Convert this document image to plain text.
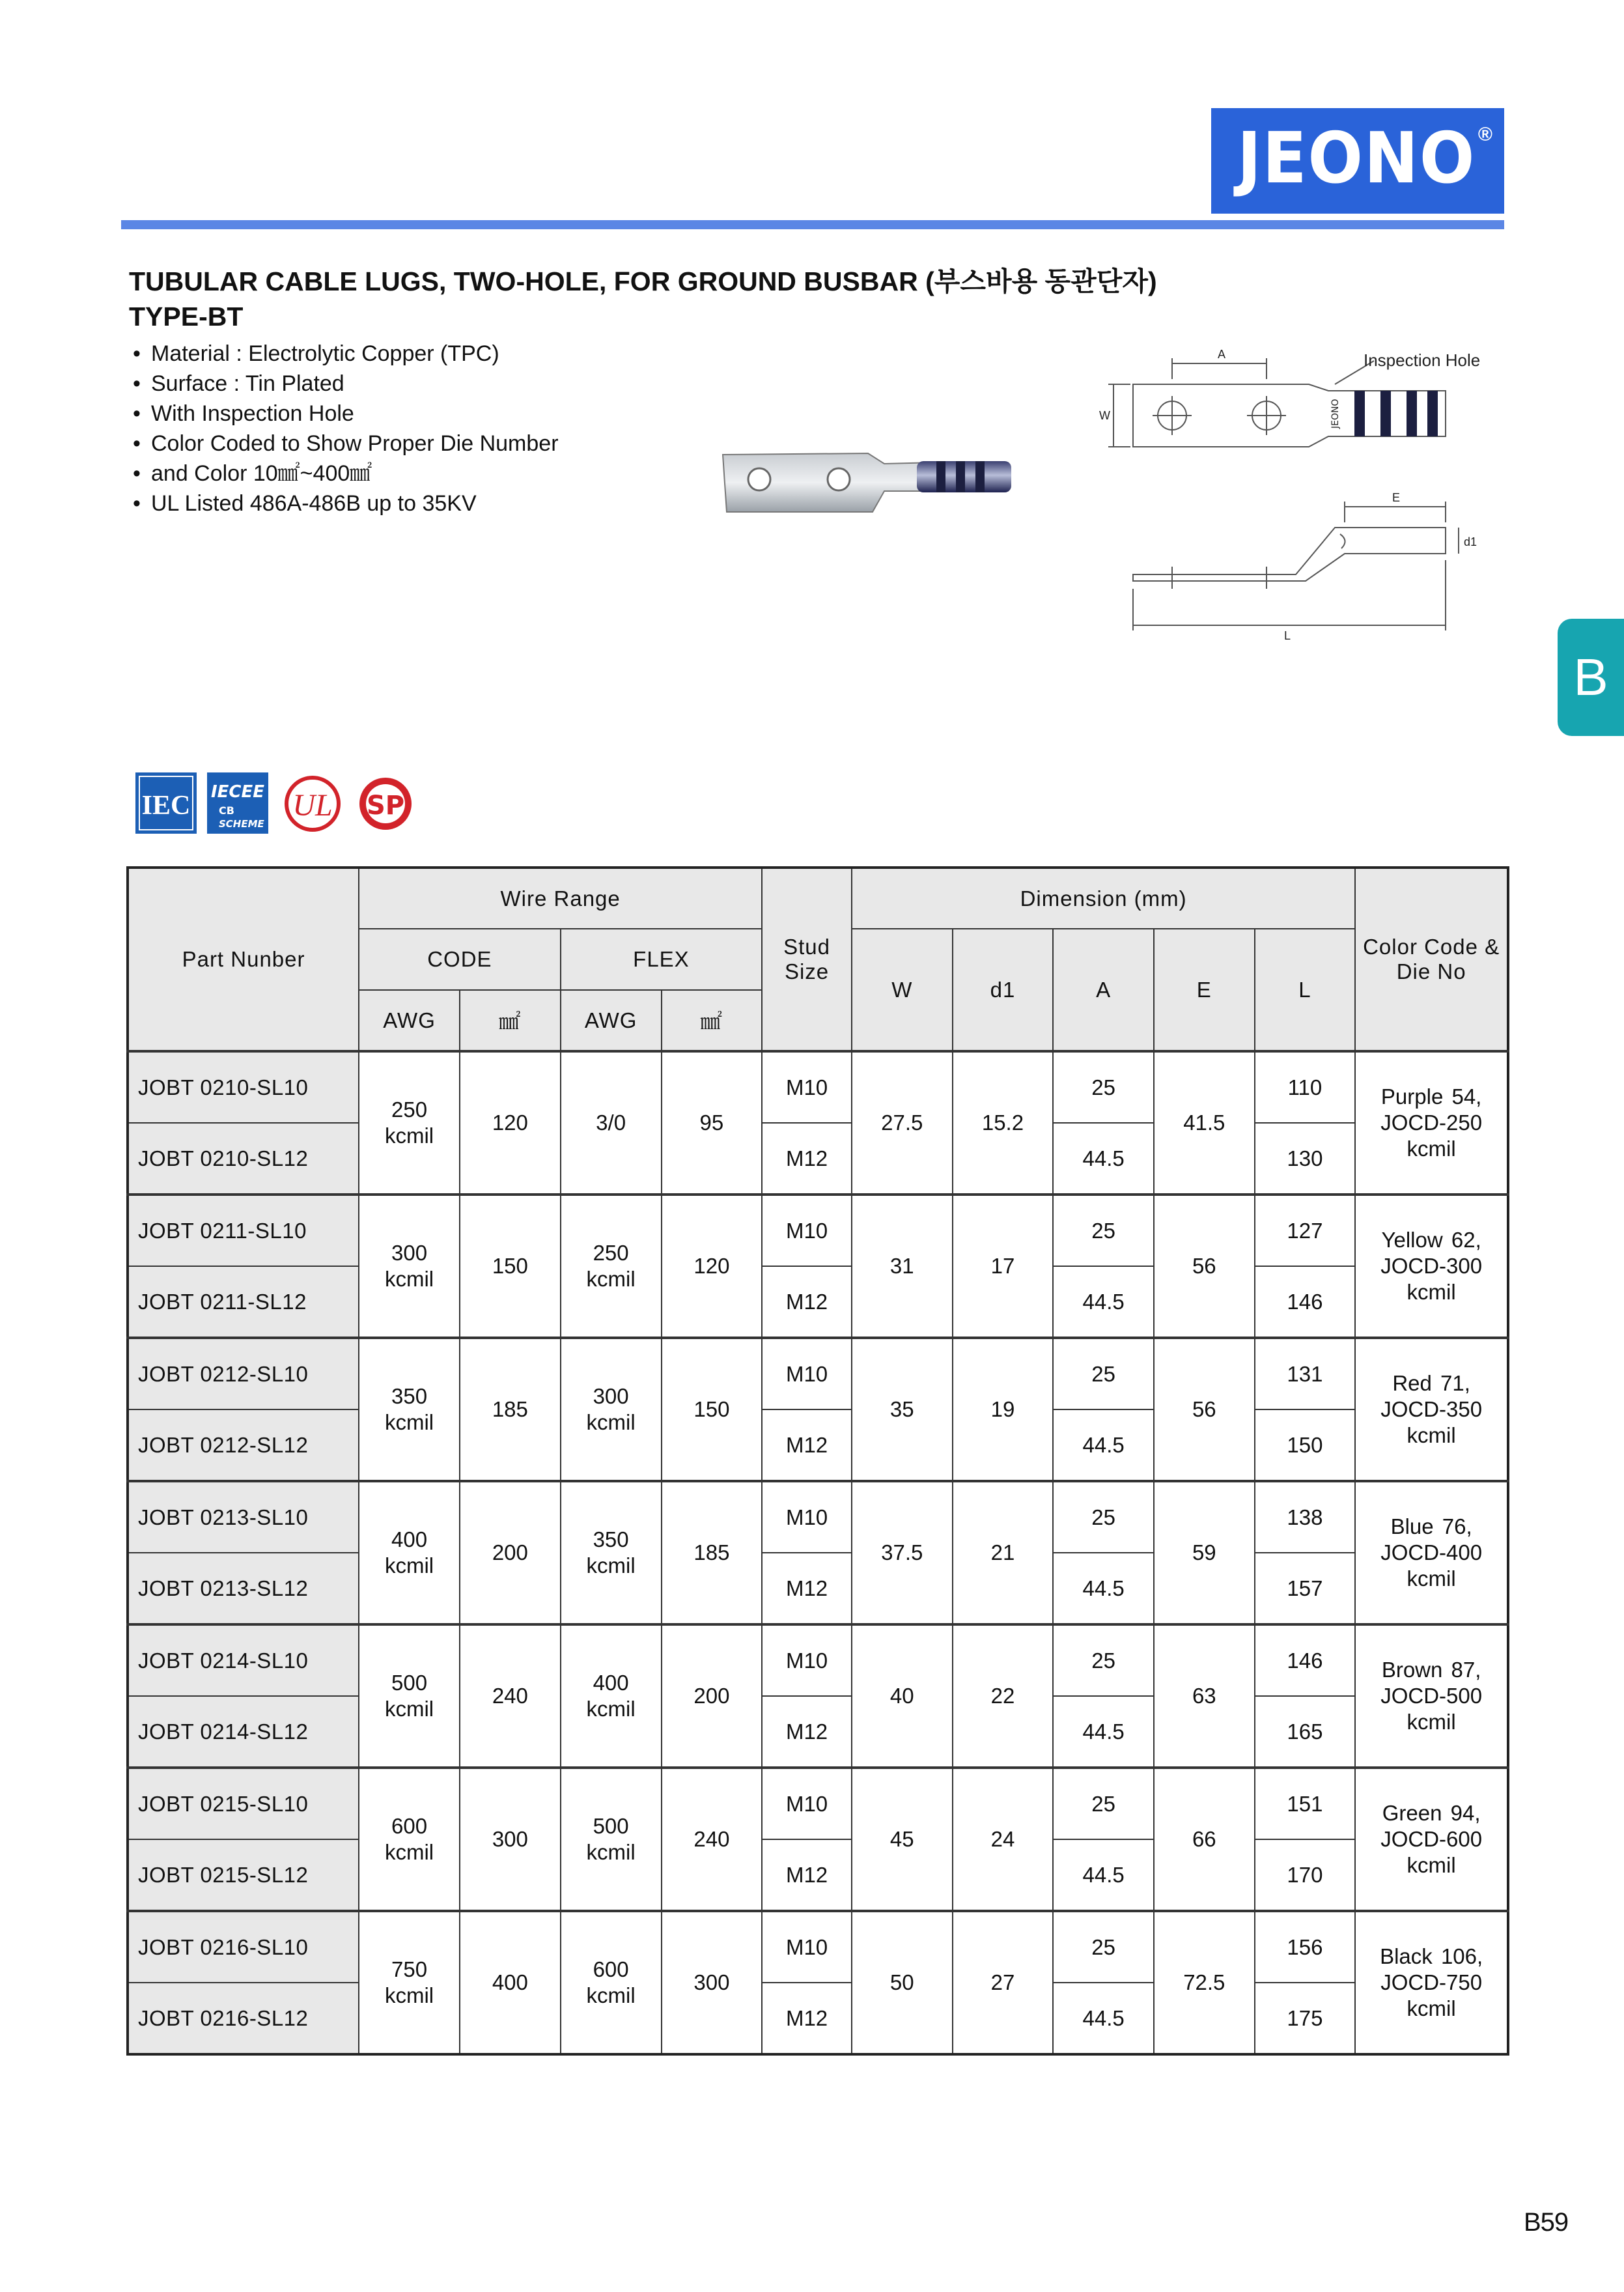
JEONO ®
TUBULAR CABLE LUGS, TWO-HOLE, FOR GROUND BUSBAR (부스바용 동관단자)
TYPE-BT
• Material : Electrolytic Copper (TPC)
• Surface : Tin Plated
• With Inspection Hole
• Color Coded to Show Proper Die Number
• and Color 10㎟~400㎟
• UL Listed 486A-486B up to 35KV
JEONO
A
W
E
d1
L
Inspection Hole
B
IEC IECEE
CB
SCHEME
UL SP
Part Nunber	Wire Range				Stud Size	Dimension (mm)					Color Code & Die No
	CODE		FLEX			W	d1	A	E	L	
	AWG	㎟	AWG	㎟							
JOBT 0210-SL10	250 kcmil	120	3/0	95	M10	27.5	15.2	25	41.5	110	Purple 54, JOCD-250 kcmil
JOBT 0210-SL12					M12			44.5		130	
JOBT 0211-SL10	300 kcmil	150	250 kcmil	120	M10	31	17	25	56	127	Yellow 62, JOCD-300 kcmil
JOBT 0211-SL12					M12			44.5		146	
JOBT 0212-SL10	350 kcmil	185	300 kcmil	150	M10	35	19	25	56	131	Red 71, JOCD-350 kcmil
JOBT 0212-SL12					M12			44.5		150	
JOBT 0213-SL10	400 kcmil	200	350 kcmil	185	M10	37.5	21	25	59	138	Blue 76, JOCD-400 kcmil
JOBT 0213-SL12					M12			44.5		157	
JOBT 0214-SL10	500 kcmil	240	400 kcmil	200	M10	40	22	25	63	146	Brown 87, JOCD-500 kcmil
JOBT 0214-SL12					M12			44.5		165	
JOBT 0215-SL10	600 kcmil	300	500 kcmil	240	M10	45	24	25	66	151	Green 94, JOCD-600 kcmil
JOBT 0215-SL12					M12			44.5		170	
JOBT 0216-SL10	750 kcmil	400	600 kcmil	300	M10	50	27	25	72.5	156	Black 106, JOCD-750 kcmil
JOBT 0216-SL12					M12			44.5		175	
B59
